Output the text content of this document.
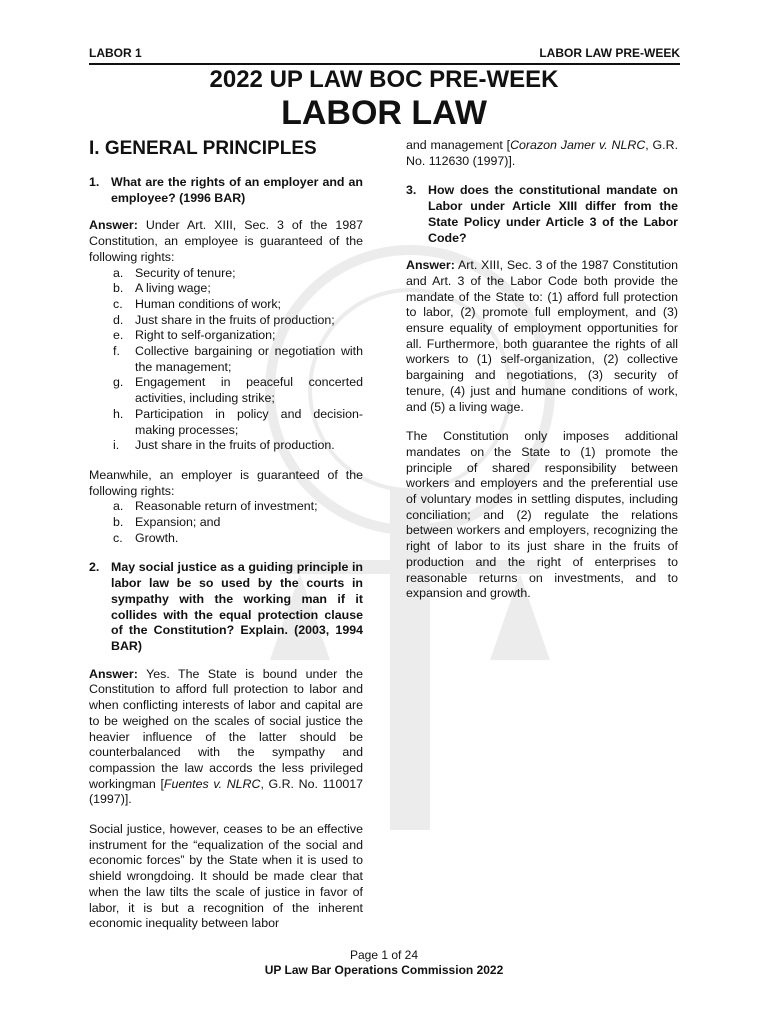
LABOR 1	LABOR LAW PRE-WEEK
2022 UP LAW BOC PRE-WEEK
LABOR LAW
I. GENERAL PRINCIPLES
1. What are the rights of an employer and an employee? (1996 BAR)

Answer: Under Art. XIII, Sec. 3 of the 1987 Constitution, an employee is guaranteed of the following rights:

a. Security of tenure;
b. A living wage;
c. Human conditions of work;
d. Just share in the fruits of production;
e. Right to self-organization;
f.	Collective bargaining or negotiation with the management;
g. Engagement in peaceful concerted activities, including strike;
h. Participation in policy and decision-making processes;
i.	Just share in the fruits of production.

Meanwhile, an employer is guaranteed of the following rights:

a. Reasonable return of investment;
b. Expansion; and
c. Growth.
2. May social justice as a guiding principle in labor law be so used by the courts in sympathy with the working man if it collides with the equal protection clause of the Constitution? Explain. (2003, 1994 BAR)

Answer: Yes. The State is bound under the Constitution to afford full protection to labor and when conflicting interests of labor and capital are to be weighed on the scales of social justice the heavier influence of the latter should be counterbalanced with the sympathy and compassion the law accords the less privileged workingman [Fuentes v. NLRC, G.R. No. 110017 (1997)].

Social justice, however, ceases to be an effective instrument for the “equalization of the social and economic forces” by the State when it is used to shield wrongdoing. It should be made clear that when the law tilts the scale of justice in favor of labor, it is but a recognition of the inherent economic inequality between labor

and management [Corazon Jamer v. NLRC, G.R. No. 112630 (1997)].

3. How does the constitutional mandate on Labor under Article XIII differ from the State Policy under Article 3 of the Labor Code?

Answer: Art. XIII, Sec. 3 of the 1987 Constitution and Art. 3 of the Labor Code both provide the mandate of the State to: (1) afford full protection to labor, (2) promote full employment, and (3) ensure equality of employment opportunities for all. Furthermore, both guarantee the rights of all workers to (1) self-organization, (2) collective bargaining and negotiations, (3) security of tenure, (4) just and humane conditions of work, and (5) a living wage.

The Constitution only imposes additional mandates on the State to (1) promote the principle of shared responsibility between workers and employers and the preferential use of voluntary modes in settling disputes, including conciliation; and (2) regulate the relations between workers and employers, recognizing the right of labor to its just share in the fruits of production and the right of enterprises to reasonable returns on investments, and to expansion and growth.

Page 1 of 24
UP Law Bar Operations Commission 2022
